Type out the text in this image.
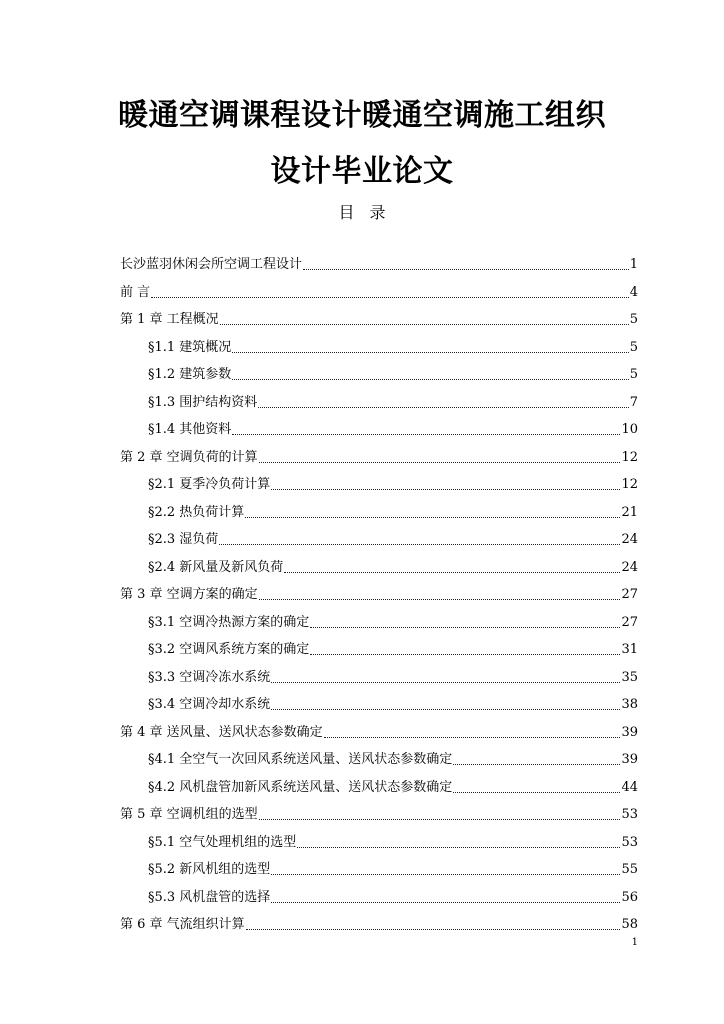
暖通空调课程设计暖通空调施工组织
设计毕业论文
目 录
长沙蓝羽休闲会所空调工程设计	1
前 言	4
第 1 章 工程概况	5
§1.1 建筑概况	5
§1.2 建筑参数	5
§1.3 围护结构资料	7
§1.4 其他资料	10
第 2 章 空调负荷的计算	12
§2.1 夏季冷负荷计算	12
§2.2 热负荷计算	21
§2.3 湿负荷	24
§2.4 新风量及新风负荷	24
第 3 章 空调方案的确定	27
§3.1 空调冷热源方案的确定	27
§3.2 空调风系统方案的确定	31
§3.3 空调冷冻水系统	35
§3.4 空调冷却水系统	38
第 4 章 送风量、送风状态参数确定	39
§4.1 全空气一次回风系统送风量、送风状态参数确定	39
§4.2 风机盘管加新风系统送风量、送风状态参数确定	44
第 5 章 空调机组的选型	53
§5.1 空气处理机组的选型	53
§5.2 新风机组的选型	55
§5.3 风机盘管的选择	56
第 6 章 气流组织计算	58
1
